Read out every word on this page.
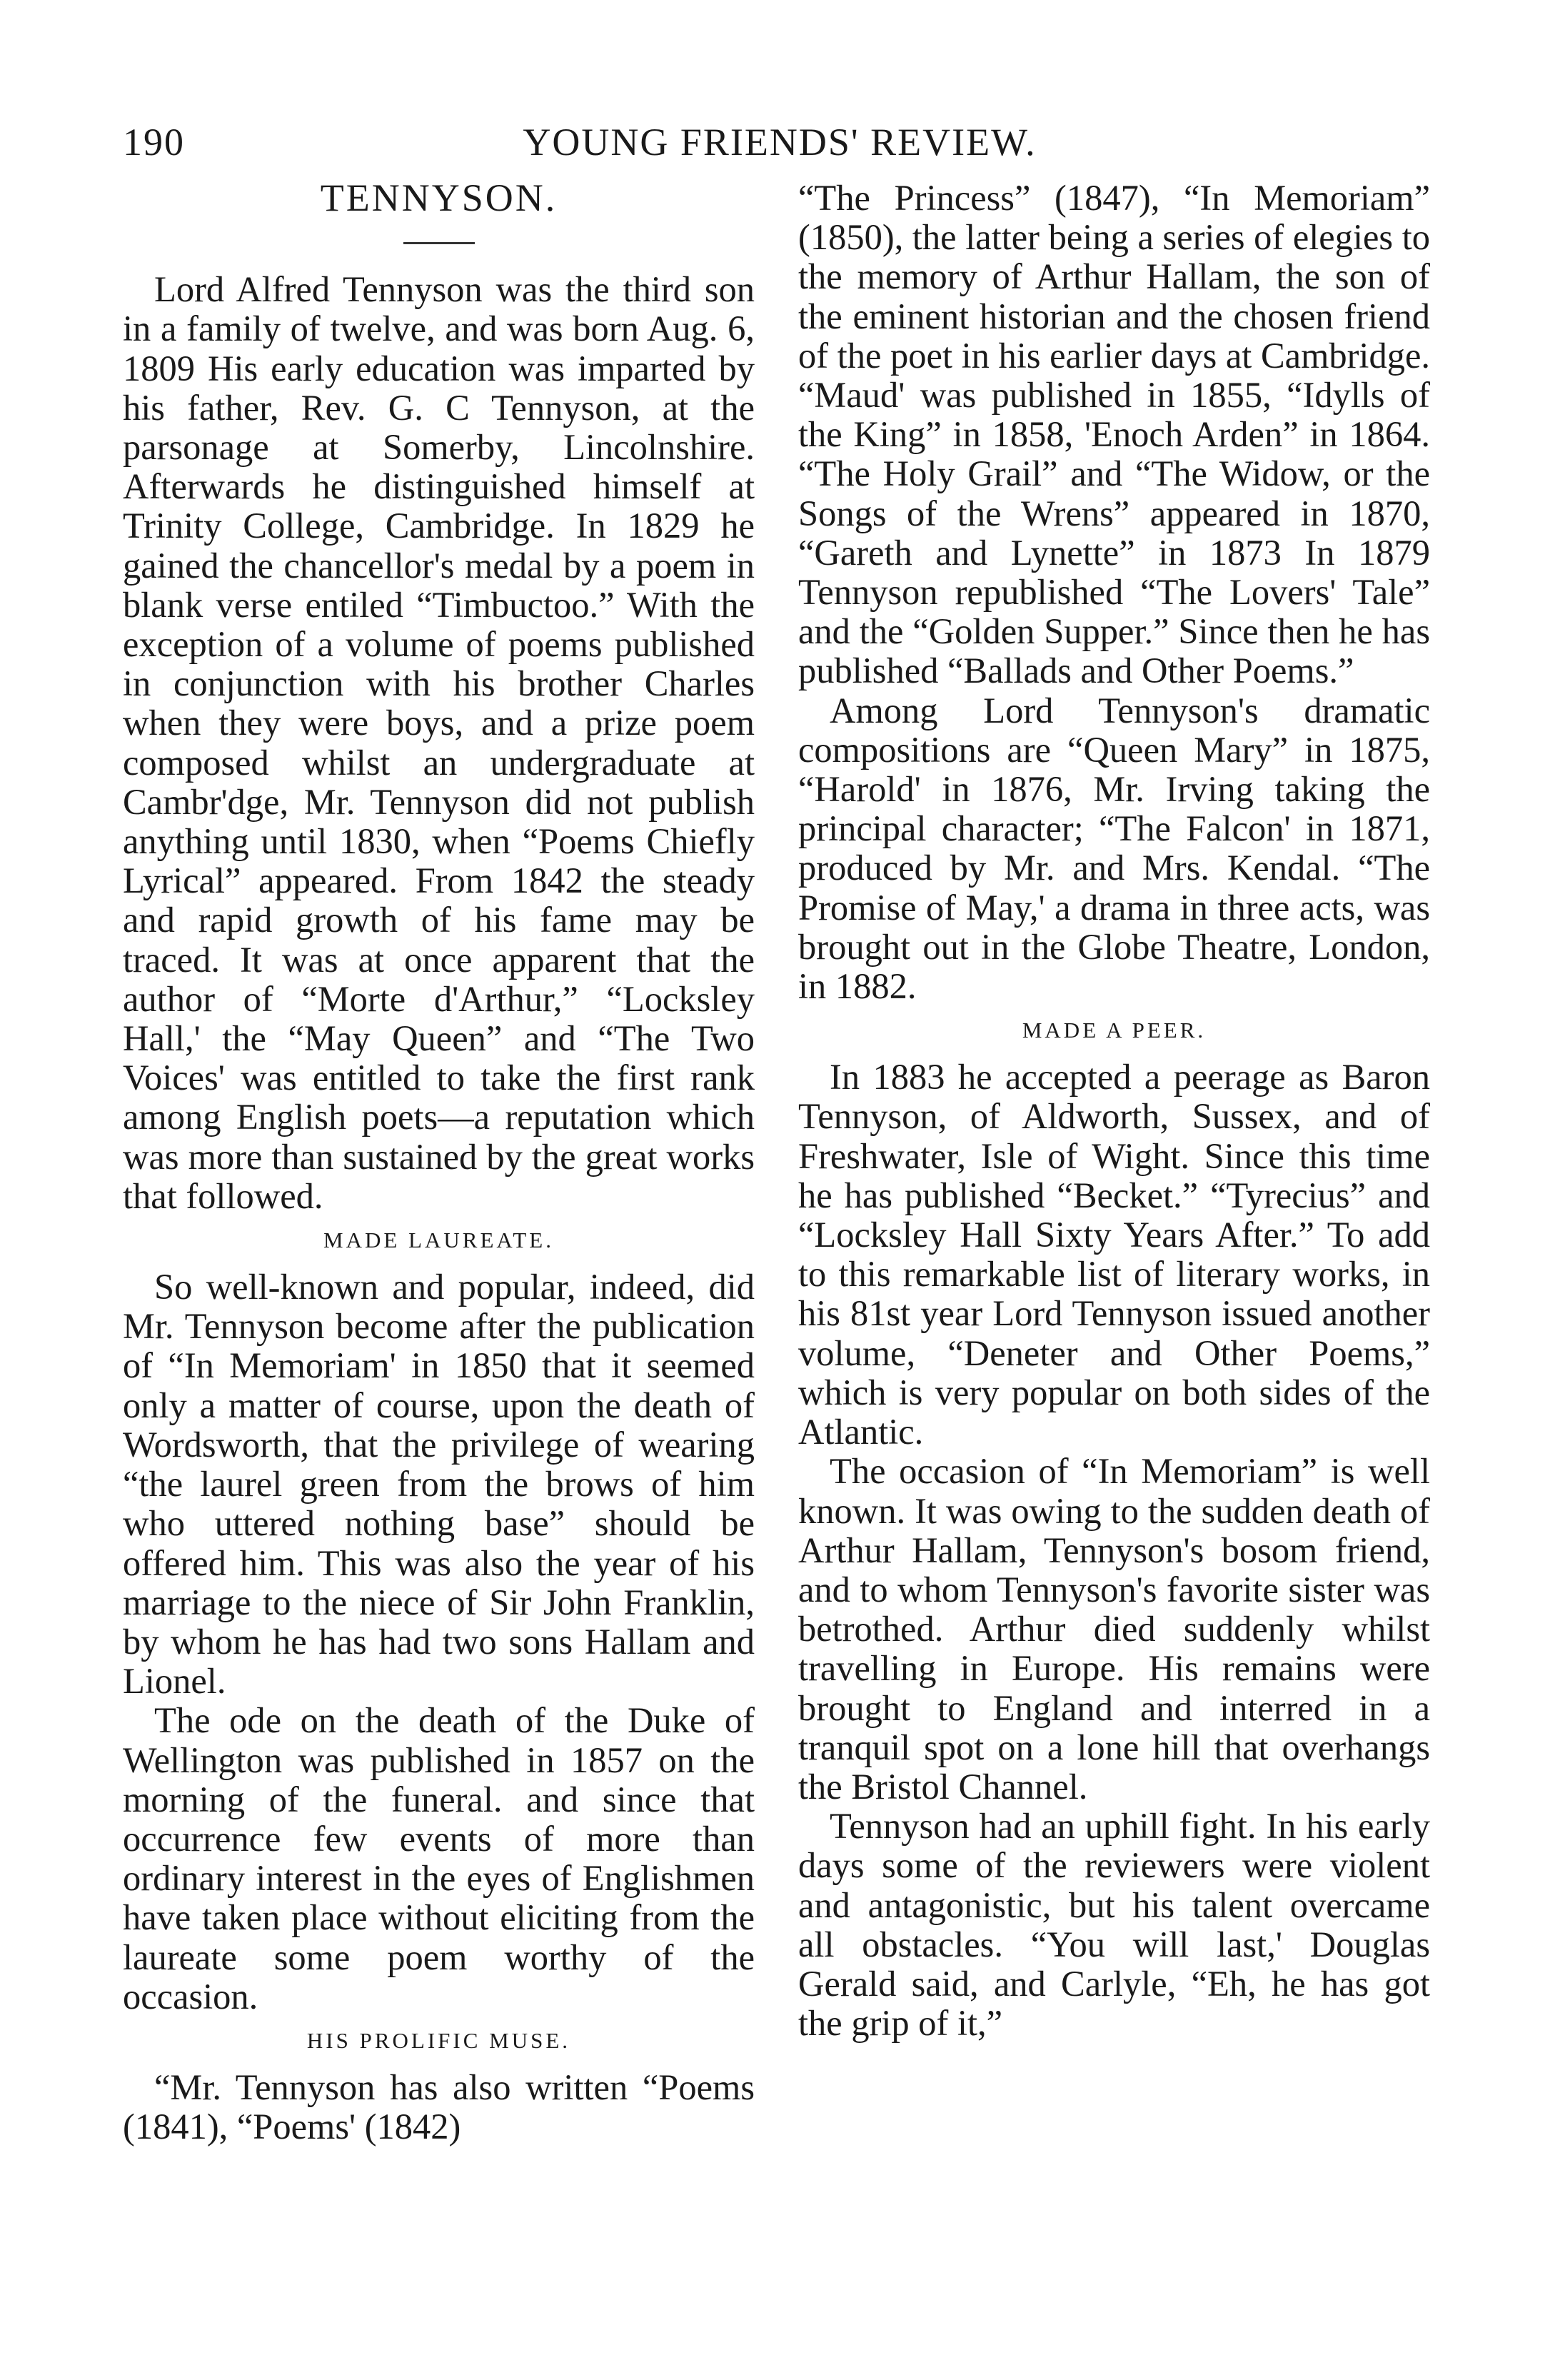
190	YOUNG FRIENDS' REVIEW.
TENNYSON.

Lord Alfred Tennyson was the third son in a family of twelve, and was born Aug. 6, 1809 His early education was imparted by his father, Rev. G. C Tennyson, at the parsonage at Somerby, Lincolnshire. Afterwards he distinguished himself at Trinity College, Cambridge. In 1829 he gained the chancellor's medal by a poem in blank verse entiled “Timbuctoo.” With the exception of a volume of poems published in conjunction with his brother Charles when they were boys, and a prize poem composed whilst an undergraduate at Cambr'dge, Mr. Tennyson did not publish anything until 1830, when “Poems Chiefly Lyrical” appeared. From 1842 the steady and rapid growth of his fame may be traced. It was at once apparent that the author of “Morte d'Arthur,” “Locksley Hall,' the “May Queen” and “The Two Voices' was entitled to take the first rank among English poets—a reputation which was more than sustained by the great works that followed.

MADE LAUREATE.

So well-known and popular, indeed, did Mr. Tennyson become after the publication of “In Memoriam' in 1850 that it seemed only a matter of course, upon the death of Wordsworth, that the privilege of wearing “the laurel green from the brows of him who uttered nothing base” should be offered him. This was also the year of his marriage to the niece of Sir John Franklin, by whom he has had two sons Hallam and Lionel.

The ode on the death of the Duke of Wellington was published in 1857 on the morning of the funeral. and since that occurrence few events of more than ordinary interest in the eyes of Englishmen have taken place without eliciting from the laureate some poem worthy of the occasion.

HIS PROLIFIC MUSE.

“Mr. Tennyson has also written “Poems (1841), “Poems' (1842)

“The Princess” (1847), “In Memoriam” (1850), the latter being a series of elegies to the memory of Arthur Hallam, the son of the eminent historian and the chosen friend of the poet in his earlier days at Cambridge. “Maud' was published in 1855, “Idylls of the King” in 1858, 'Enoch Arden” in 1864. “The Holy Grail” and “The Widow, or the Songs of the Wrens” appeared in 1870, “Gareth and Lynette” in 1873 In 1879 Tennyson republished “The Lovers' Tale” and the “Golden Supper.” Since then he has published “Ballads and Other Poems.”

Among Lord Tennyson's dramatic compositions are “Queen Mary” in 1875, “Harold' in 1876, Mr. Irving taking the principal character; “The Falcon' in 1871, produced by Mr. and Mrs. Kendal. “The Promise of May,' a drama in three acts, was brought out in the Globe Theatre, London, in 1882.

MADE A PEER.

In 1883 he accepted a peerage as Baron Tennyson, of Aldworth, Sussex, and of Freshwater, Isle of Wight. Since this time he has published “Becket.” “Tyrecius” and “Locksley Hall Sixty Years After.” To add to this remarkable list of literary works, in his 81st year Lord Tennyson issued another volume, “Deneter and Other Poems,” which is very popular on both sides of the Atlantic.

The occasion of “In Memoriam” is well known. It was owing to the sudden death of Arthur Hallam, Tennyson's bosom friend, and to whom Tennyson's favorite sister was betrothed. Arthur died suddenly whilst travelling in Europe. His remains were brought to England and interred in a tranquil spot on a lone hill that overhangs the Bristol Channel.

Tennyson had an uphill fight. In his early days some of the reviewers were violent and antagonistic, but his talent overcame all obstacles. “You will last,' Douglas Gerald said, and Carlyle, “Eh, he has got the grip of it,”
